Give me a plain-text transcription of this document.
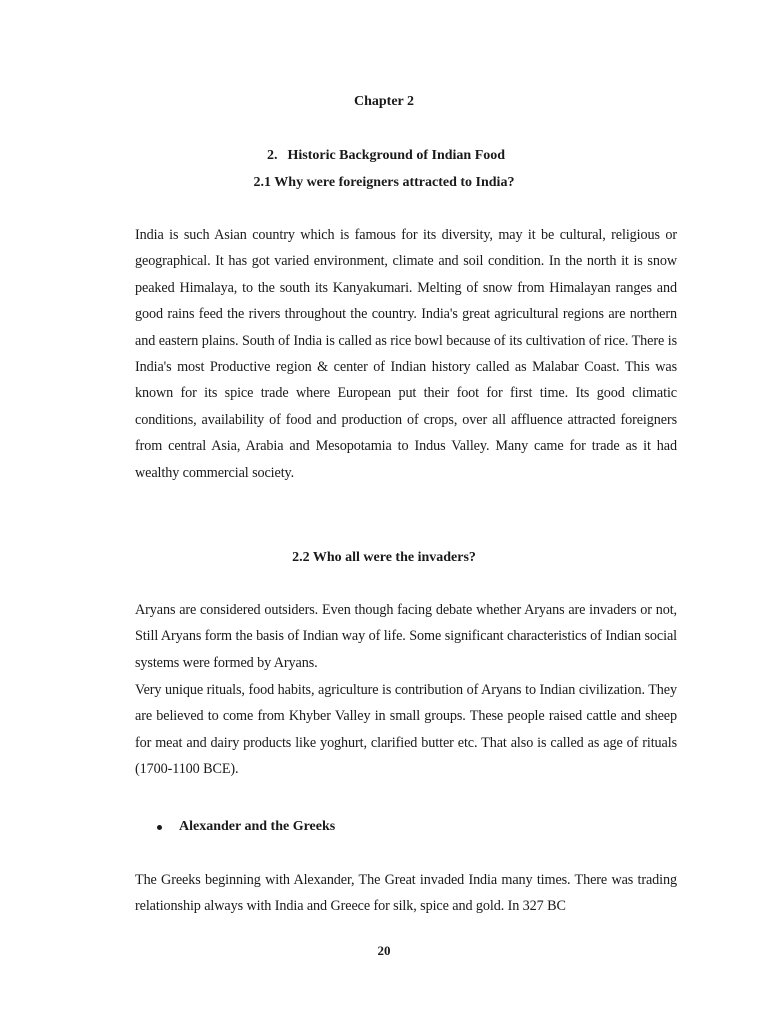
Chapter 2
2. Historic Background of Indian Food
2.1 Why were foreigners attracted to India?

India is such Asian country which is famous for its diversity, may it be cultural, religious or geographical. It has got varied environment, climate and soil condition. In the north it is snow peaked Himalaya, to the south its Kanyakumari. Melting of snow from Himalayan ranges and good rains feed the rivers throughout the country. India's great agricultural regions are northern and eastern plains. South of India is called as rice bowl because of its cultivation of rice. There is India's most Productive region & center of Indian history called as Malabar Coast. This was known for its spice trade where European put their foot for first time. Its good climatic conditions, availability of food and production of crops, over all affluence attracted foreigners from central Asia, Arabia and Mesopotamia to Indus Valley. Many came for trade as it had wealthy commercial society.

2.2 Who all were the invaders?

Aryans are considered outsiders. Even though facing debate whether Aryans are invaders or not, Still Aryans form the basis of Indian way of life. Some significant characteristics of Indian social systems were formed by Aryans.

Very unique rituals, food habits, agriculture is contribution of Aryans to Indian civilization. They are believed to come from Khyber Valley in small groups. These people raised cattle and sheep for meat and dairy products like yoghurt, clarified butter etc. That also is called as age of rituals (1700-1100 BCE).

Alexander and the Greeks

The Greeks beginning with Alexander, The Great invaded India many times. There was trading relationship always with India and Greece for silk, spice and gold. In 327 BC

20
